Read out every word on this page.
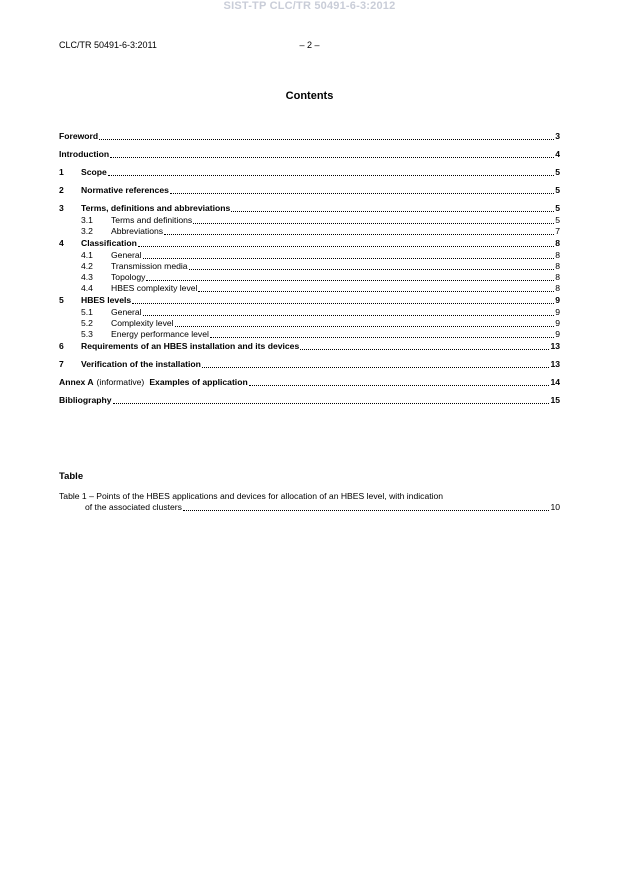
SIST-TP CLC/TR 50491-6-3:2012
CLC/TR 50491-6-3:2011	– 2 –
Contents
Foreword	3
Introduction	4
1	Scope	5
2	Normative references	5
3	Terms, definitions and abbreviations	5
3.1	Terms and definitions	5
3.2	Abbreviations	7
4	Classification	8
4.1	General	8
4.2	Transmission media	8
4.3	Topology	8
4.4	HBES complexity level	8
5	HBES levels	9
5.1	General	9
5.2	Complexity level	9
5.3	Energy performance level	9
6	Requirements of an HBES installation and its devices	13
7	Verification of the installation	13
Annex A (informative) Examples of application	14
Bibliography	15
Table
Table 1 – Points of the HBES applications and devices for allocation of an HBES level, with indication
of the associated clusters	10
